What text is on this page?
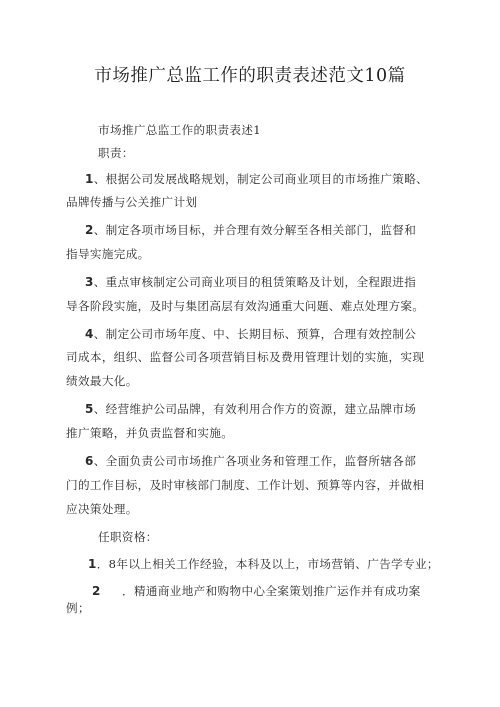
市场推广总监工作的职责表述范文10篇
市场推广总监工作的职责表述1
职责：
1、根据公司发展战略规划，制定公司商业项目的市场推广策略、
品牌传播与公关推广计划
2、制定各项市场目标，并合理有效分解至各相关部门，监督和
指导实施完成。
3、重点审核制定公司商业项目的租赁策略及计划，全程跟进指
导各阶段实施，及时与集团高层有效沟通重大问题、难点处理方案。
4、制定公司市场年度、中、长期目标、预算，合理有效控制公
司成本，组织、监督公司各项营销目标及费用管理计划的实施，实现
绩效最大化。
5、经营维护公司品牌，有效利用合作方的资源，建立品牌市场
推广策略，并负责监督和实施。
6、全面负责公司市场推广各项业务和管理工作，监督所辖各部
门的工作目标，及时审核部门制度、工作计划、预算等内容，并做相
应决策处理。
任职资格：
1．8年以上相关工作经验，本科及以上，市场营销、广告学专业；
2 ．精通商业地产和购物中心全案策划推广运作并有成功案
例；
